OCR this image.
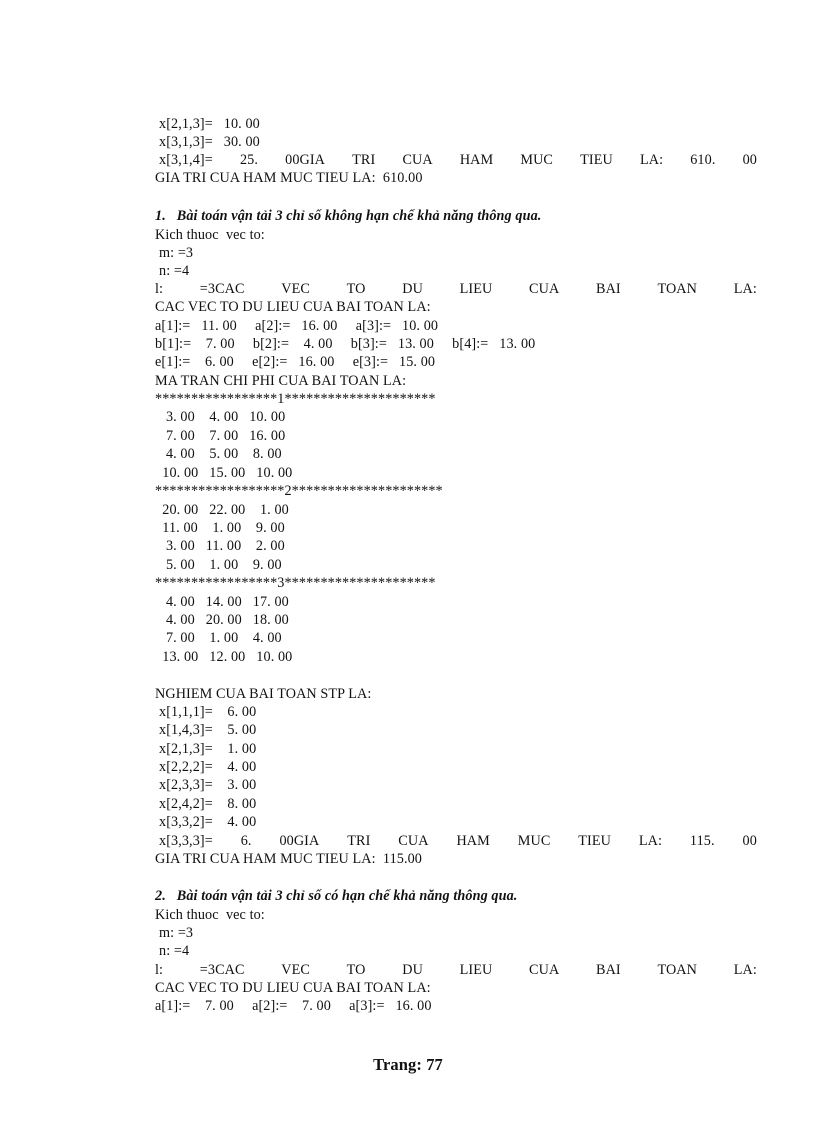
x[2,1,3]=   10. 00
x[3,1,3]=   30. 00
x[3,1,4]= 25. 00GIA TRI CUA HAM MUC TIEU LA: 610. 00
GIA TRI CUA HAM MUC TIEU LA:  610.00
1.   Bài toán vận tải 3 chỉ số không hạn chế khả năng thông qua.
Kich thuoc  vec to:
m: =3
n: =4
l:	=3CAC	VEC	TO	DU	LIEU	CUA	BAI	TOAN	LA:
CAC VEC TO DU LIEU CUA BAI TOAN LA:
a[1]:=   11. 00     a[2]:=   16. 00     a[3]:=   10. 00
b[1]:=    7. 00     b[2]:=    4. 00     b[3]:=   13. 00     b[4]:=   13. 00
e[1]:=    6. 00     e[2]:=   16. 00     e[3]:=   15. 00
MA TRAN CHI PHI CUA BAI TOAN LA:
*****************1*********************
3. 00    4. 00   10. 00
7. 00    7. 00   16. 00
4. 00    5. 00    8. 00
10. 00   15. 00   10. 00
******************2*********************
20. 00   22. 00    1. 00
11. 00    1. 00    9. 00
3. 00   11. 00    2. 00
5. 00    1. 00    9. 00
*****************3*********************
4. 00   14. 00   17. 00
4. 00   20. 00   18. 00
7. 00    1. 00    4. 00
13. 00   12. 00   10. 00
NGHIEM CUA BAI TOAN STP LA:
x[1,1,1]=    6. 00
x[1,4,3]=    5. 00
x[2,1,3]=    1. 00
x[2,2,2]=    4. 00
x[2,3,3]=    3. 00
x[2,4,2]=    8. 00
x[3,3,2]=    4. 00
x[3,3,3]= 6. 00GIA TRI CUA HAM MUC TIEU LA: 115. 00
GIA TRI CUA HAM MUC TIEU LA:  115.00
2.   Bài toán vận tải 3 chỉ số có hạn chế khả năng thông qua.
Kich thuoc  vec to:
m: =3
n: =4
l:	=3CAC	VEC	TO	DU	LIEU	CUA	BAI	TOAN	LA:
CAC VEC TO DU LIEU CUA BAI TOAN LA:
a[1]:=    7. 00     a[2]:=    7. 00     a[3]:=   16. 00
Trang: 77
